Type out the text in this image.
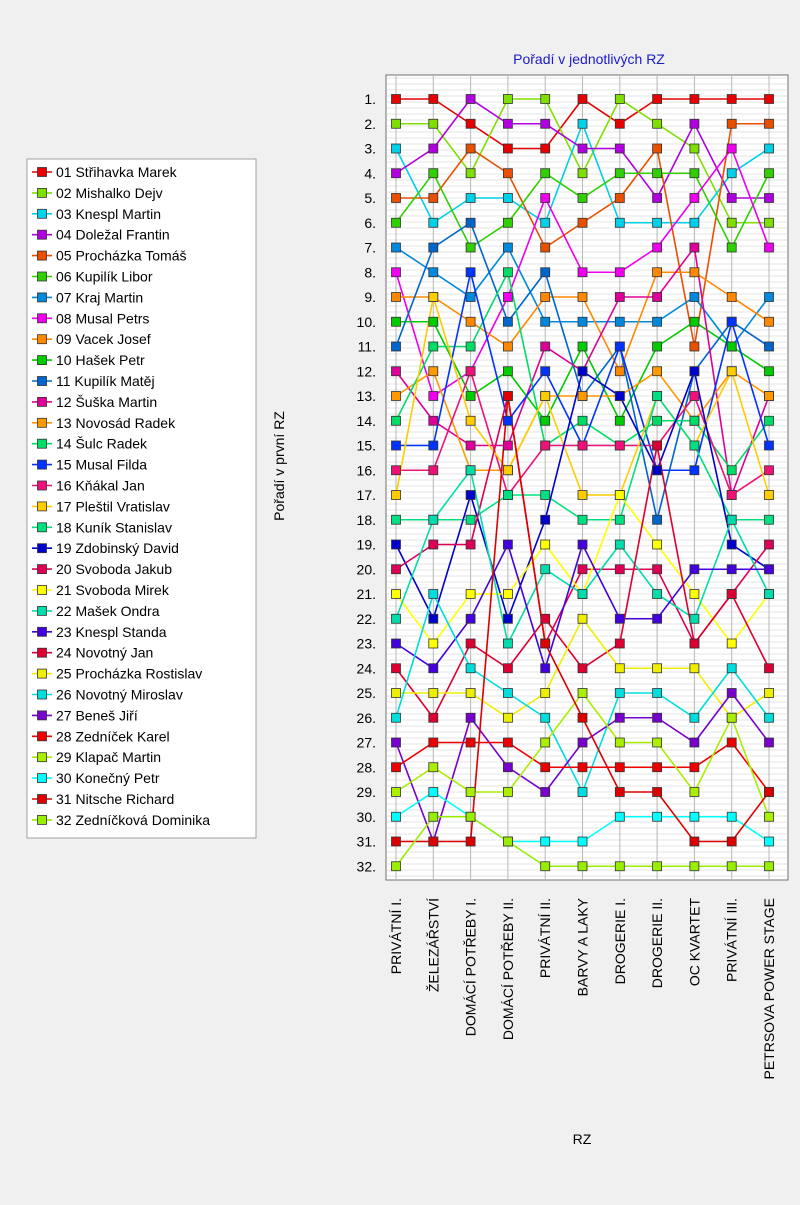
Pořadí v jednotlivých RZ
Pořadí v první RZ
RZ
1.
2.
3.
4.
5.
6.
7.
8.
9.
10.
11.
12.
13.
14.
15.
16.
17.
18.
19.
20.
21.
22.
23.
24.
25.
26.
27.
28.
29.
30.
31.
32.
PRIVÁTNÍ I. ŽELEZÁŘSTVÍ DOMÁCÍ POTŘEBY I. DOMÁCÍ POTŘEBY II. PRIVÁTNÍ II. BARVY A LAKY DROGERIE I. DROGERIE II. OC KVARTET PRIVÁTNÍ III. PETRSOVA POWER STAGE
01 Střihavka Marek
02 Mishalko Dejv
03 Knespl Martin
04 Doležal Frantin
05 Procházka Tomáš
06 Kupilík Libor
07 Kraj Martin
08 Musal Petrs
09 Vacek Josef
10 Hašek Petr
11 Kupilík Matěj
12 Šuška Martin
13 Novosád Radek
14 Šulc Radek
15 Musal Filda
16 Kňákal Jan
17 Pleštil Vratislav
18 Kuník Stanislav
19 Zdobinský David
20 Svoboda Jakub
21 Svoboda Mirek
22 Mašek Ondra
23 Knespl Standa
24 Novotný Jan
25 Procházka Rostislav
26 Novotný Miroslav
27 Beneš Jiří
28 Zedníček Karel
29 Klapač Martin
30 Konečný Petr
31 Nitsche Richard
32 Zedníčková Dominika
